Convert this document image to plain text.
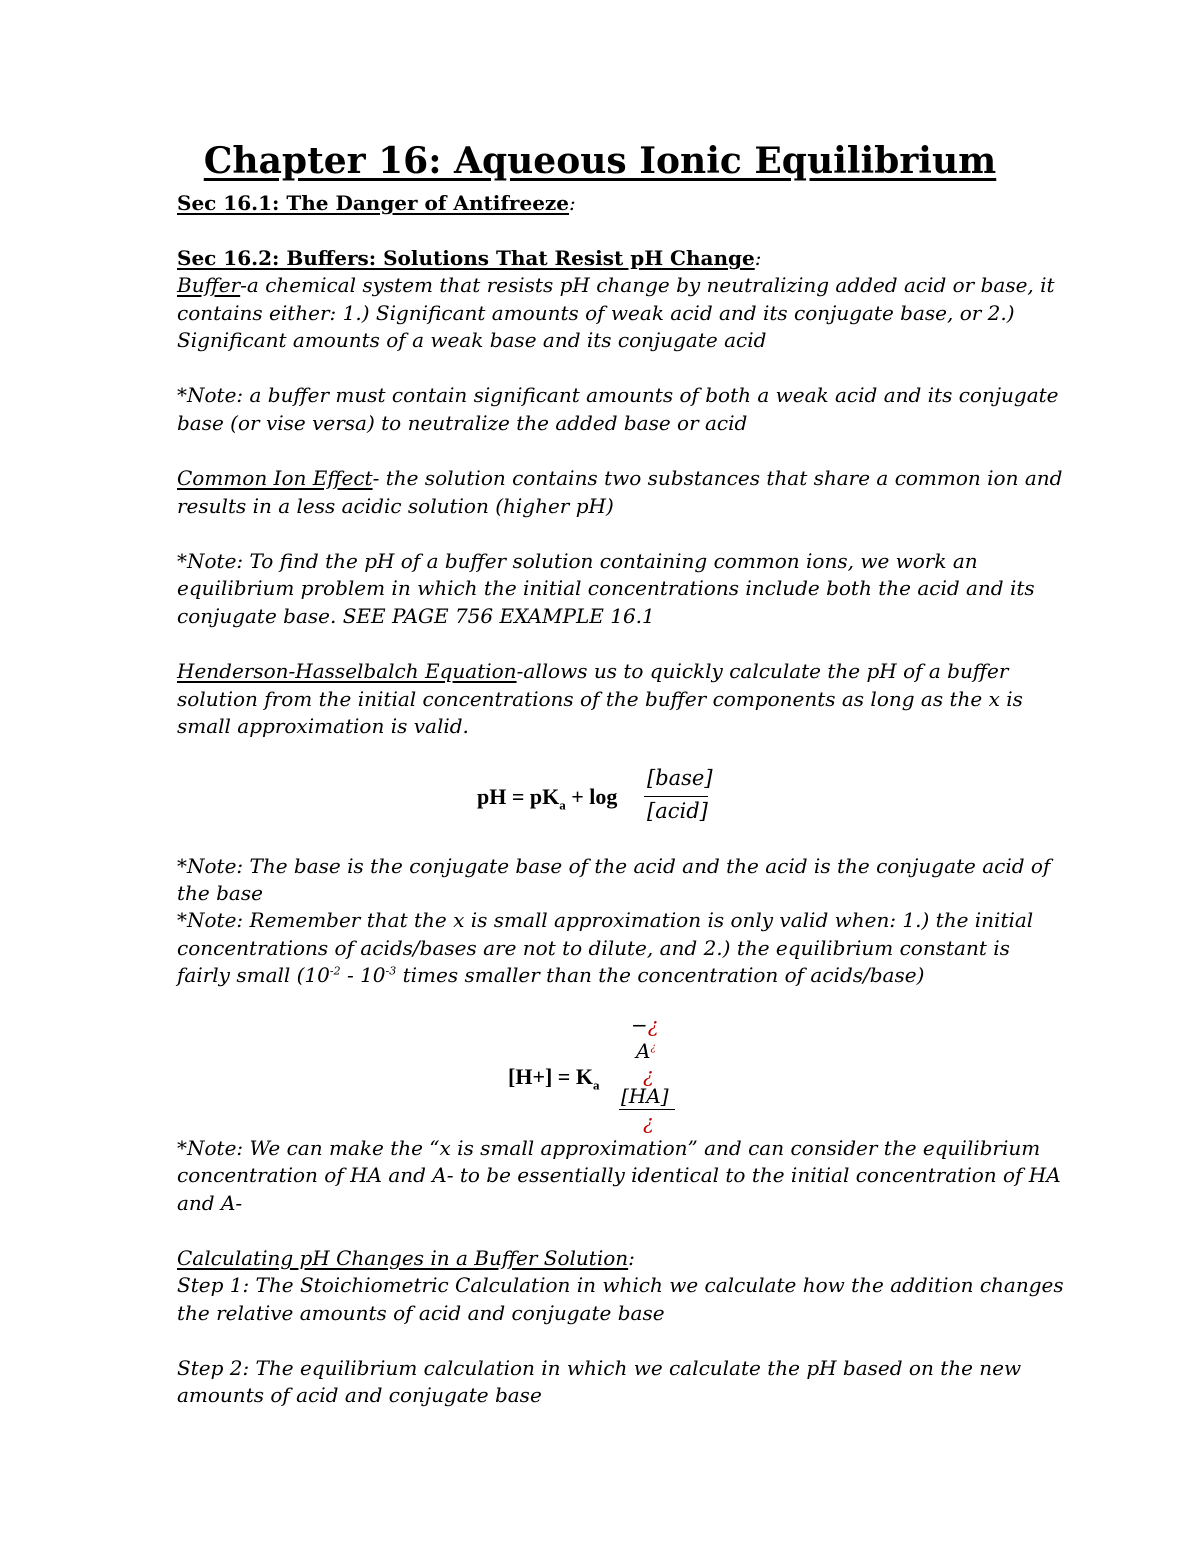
Chapter 16: Aqueous Ionic Equilibrium
Sec 16.1: The Danger of Antifreeze:
Sec 16.2: Buffers: Solutions That Resist pH Change:
Buffer-a chemical system that resists pH change by neutralizing added acid or base, it
contains either: 1.) Significant amounts of weak acid and its conjugate base, or 2.)
Significant amounts of a weak base and its conjugate acid
*Note: a buffer must contain significant amounts of both a weak acid and its conjugate
base (or vise versa) to neutralize the added base or acid
Common Ion Effect- the solution contains two substances that share a common ion and
results in a less acidic solution (higher pH)
*Note: To find the pH of a buffer solution containing common ions, we work an
equilibrium problem in which the initial concentrations include both the acid and its
conjugate base. SEE PAGE 756 EXAMPLE 16.1
Henderson-Hasselbalch Equation-allows us to quickly calculate the pH of a buffer
solution from the initial concentrations of the buffer components as long as the x is
small approximation is valid.
pH = $pK_a + \log$
[base]
[acid]
*Note: The base is the conjugate base of the acid and the acid is the conjugate acid of
the base
*Note: Remember that the x is small approximation is only valid when: 1.) the initial
concentrations of acids/bases are not to dilute, and 2.) the equilibrium constant is
fairly small ($10^{-2} - 10^{-3}$ times smaller than the concentration of acids/base)
$[H+] = K_a$
−¿
A¿
¿
[HA]
¿
*Note: We can make the “x is small approximation” and can consider the equilibrium
concentration of HA and A- to be essentially identical to the initial concentration of HA
and A-
Calculating pH Changes in a Buffer Solution:
Step 1: The Stoichiometric Calculation in which we calculate how the addition changes
the relative amounts of acid and conjugate base
Step 2: The equilibrium calculation in which we calculate the pH based on the new
amounts of acid and conjugate base
